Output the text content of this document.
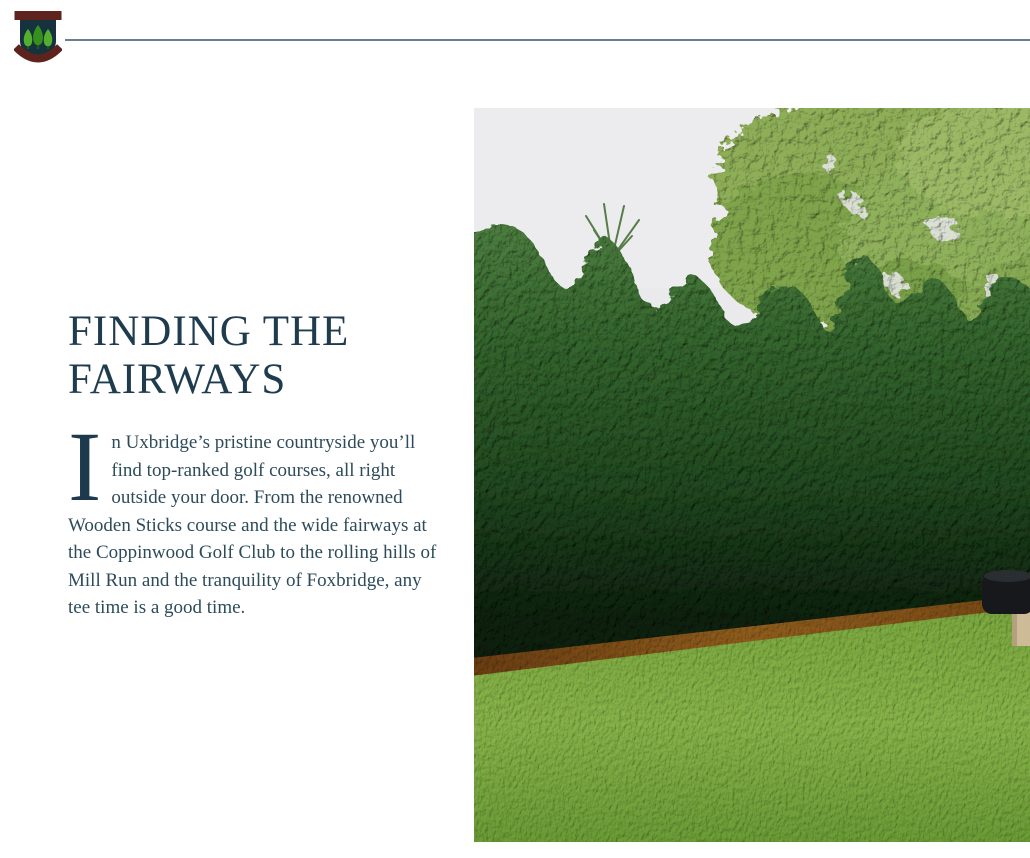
FINDING THE
FAIRWAYS

In Uxbridge’s pristine countryside you’ll find top-ranked golf courses, all right outside your door. From the renowned Wooden Sticks course and the wide fairways at the Coppinwood Golf Club to the rolling hills of Mill Run and the tranquility of Foxbridge, any tee time is a good time.
